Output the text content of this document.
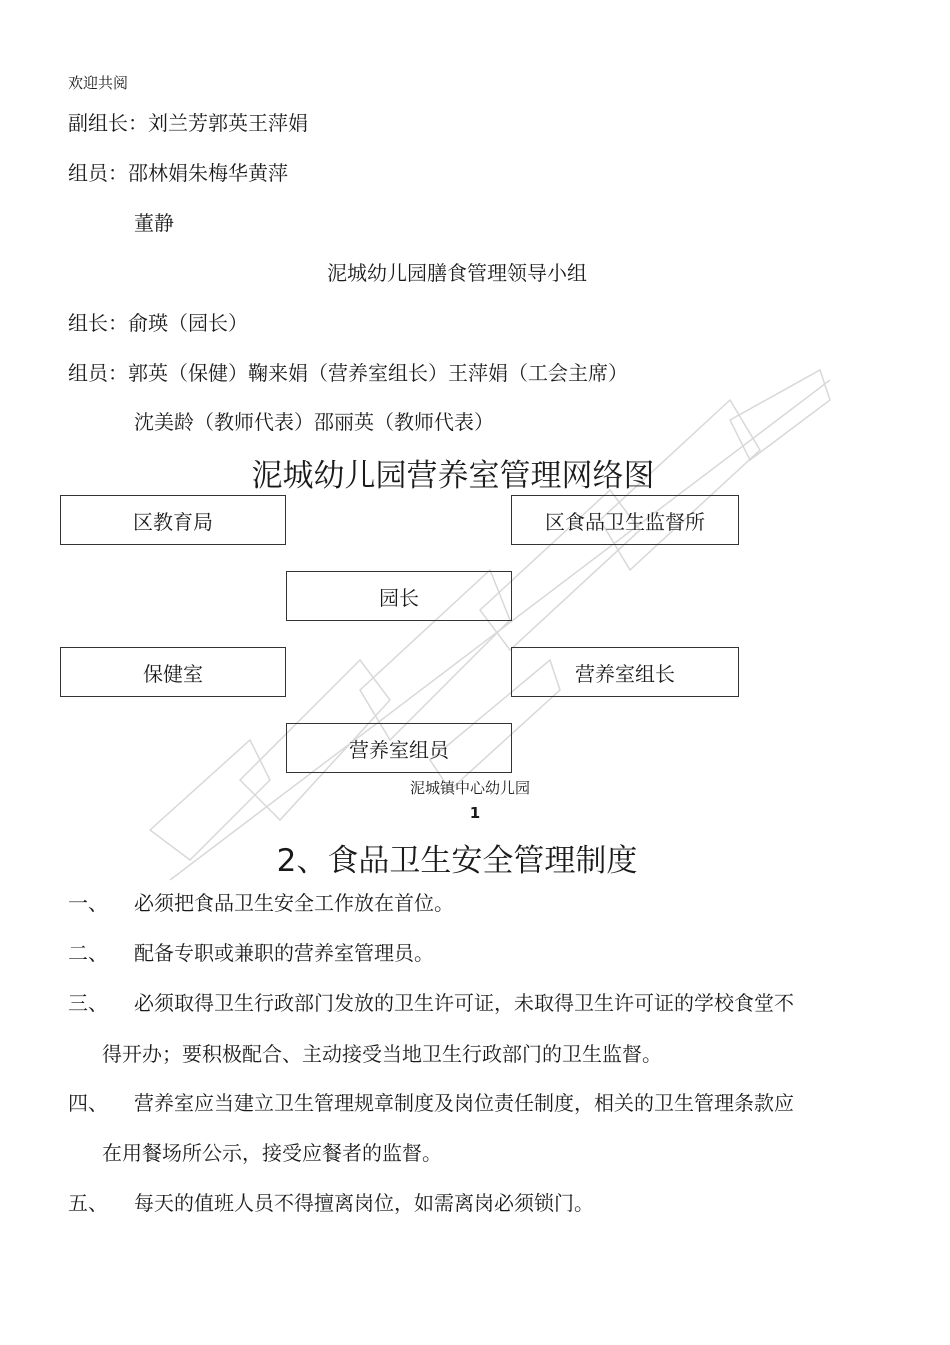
欢迎共阅
副组长：刘兰芳郭英王萍娟
组员：邵林娟朱梅华黄萍
董静
泥城幼儿园膳食管理领导小组
组长：俞瑛（园长）
组员：郭英（保健）鞠来娟（营养室组长）王萍娟（工会主席）
沈美龄（教师代表）邵丽英（教师代表）
泥城幼儿园营养室管理网络图
区教育局	区食品卫生监督所
园长
保健室	营养室组长
营养室组员
泥城镇中心幼儿园
1
2、食品卫生安全管理制度
一、 必须把食品卫生安全工作放在首位。
二、 配备专职或兼职的营养室管理员。
三、 必须取得卫生行政部门发放的卫生许可证，未取得卫生许可证的学校食堂不
得开办；要积极配合、主动接受当地卫生行政部门的卫生监督。
四、 营养室应当建立卫生管理规章制度及岗位责任制度，相关的卫生管理条款应
在用餐场所公示，接受应餐者的监督。
五、 每天的值班人员不得擅离岗位，如需离岗必须锁门。
